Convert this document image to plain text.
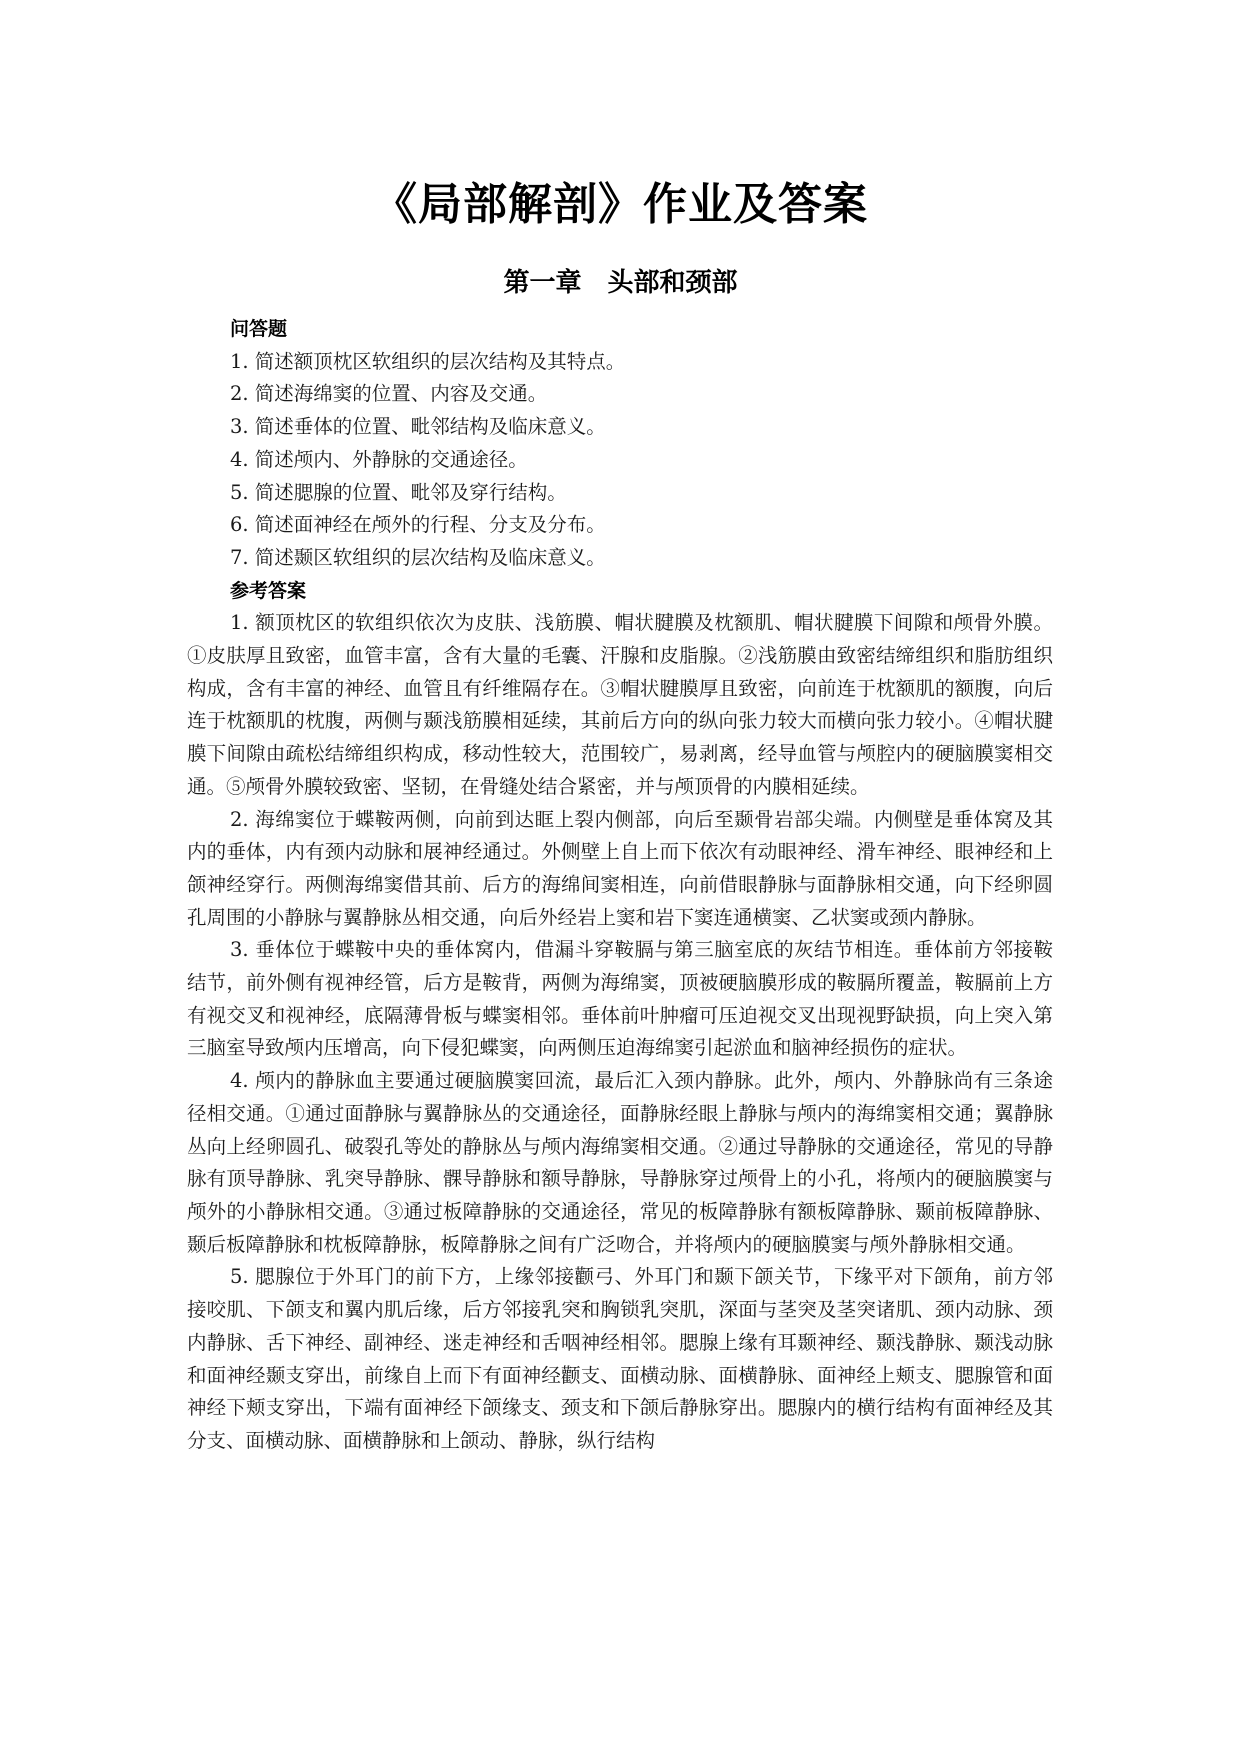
《局部解剖》作业及答案
第一章　头部和颈部

问答题

1. 简述额顶枕区软组织的层次结构及其特点。

2. 简述海绵窦的位置、内容及交通。

3. 简述垂体的位置、毗邻结构及临床意义。

4. 简述颅内、外静脉的交通途径。

5. 简述腮腺的位置、毗邻及穿行结构。

6. 简述面神经在颅外的行程、分支及分布。

7. 简述颞区软组织的层次结构及临床意义。

参考答案

1. 额顶枕区的软组织依次为皮肤、浅筋膜、帽状腱膜及枕额肌、帽状腱膜下间隙和颅骨外膜。①皮肤厚且致密，血管丰富，含有大量的毛囊、汗腺和皮脂腺。②浅筋膜由致密结缔组织和脂肪组织构成，含有丰富的神经、血管且有纤维隔存在。③帽状腱膜厚且致密，向前连于枕额肌的额腹，向后连于枕额肌的枕腹，两侧与颞浅筋膜相延续，其前后方向的纵向张力较大而横向张力较小。④帽状腱膜下间隙由疏松结缔组织构成，移动性较大，范围较广，易剥离，经导血管与颅腔内的硬脑膜窦相交通。⑤颅骨外膜较致密、坚韧，在骨缝处结合紧密，并与颅顶骨的内膜相延续。

2. 海绵窦位于蝶鞍两侧，向前到达眶上裂内侧部，向后至颞骨岩部尖端。内侧壁是垂体窝及其内的垂体，内有颈内动脉和展神经通过。外侧壁上自上而下依次有动眼神经、滑车神经、眼神经和上颌神经穿行。两侧海绵窦借其前、后方的海绵间窦相连，向前借眼静脉与面静脉相交通，向下经卵圆孔周围的小静脉与翼静脉丛相交通，向后外经岩上窦和岩下窦连通横窦、乙状窦或颈内静脉。

3. 垂体位于蝶鞍中央的垂体窝内，借漏斗穿鞍膈与第三脑室底的灰结节相连。垂体前方邻接鞍结节，前外侧有视神经管，后方是鞍背，两侧为海绵窦，顶被硬脑膜形成的鞍膈所覆盖，鞍膈前上方有视交叉和视神经，底隔薄骨板与蝶窦相邻。垂体前叶肿瘤可压迫视交叉出现视野缺损，向上突入第三脑室导致颅内压增高，向下侵犯蝶窦，向两侧压迫海绵窦引起淤血和脑神经损伤的症状。

4. 颅内的静脉血主要通过硬脑膜窦回流，最后汇入颈内静脉。此外，颅内、外静脉尚有三条途径相交通。①通过面静脉与翼静脉丛的交通途径，面静脉经眼上静脉与颅内的海绵窦相交通；翼静脉丛向上经卵圆孔、破裂孔等处的静脉丛与颅内海绵窦相交通。②通过导静脉的交通途径，常见的导静脉有顶导静脉、乳突导静脉、髁导静脉和额导静脉，导静脉穿过颅骨上的小孔，将颅内的硬脑膜窦与颅外的小静脉相交通。③通过板障静脉的交通途径，常见的板障静脉有额板障静脉、颞前板障静脉、颞后板障静脉和枕板障静脉，板障静脉之间有广泛吻合，并将颅内的硬脑膜窦与颅外静脉相交通。

5. 腮腺位于外耳门的前下方，上缘邻接颧弓、外耳门和颞下颌关节，下缘平对下颌角，前方邻接咬肌、下颌支和翼内肌后缘，后方邻接乳突和胸锁乳突肌，深面与茎突及茎突诸肌、颈内动脉、颈内静脉、舌下神经、副神经、迷走神经和舌咽神经相邻。腮腺上缘有耳颞神经、颞浅静脉、颞浅动脉和面神经颞支穿出，前缘自上而下有面神经颧支、面横动脉、面横静脉、面神经上颊支、腮腺管和面神经下颊支穿出，下端有面神经下颌缘支、颈支和下颌后静脉穿出。腮腺内的横行结构有面神经及其分支、面横动脉、面横静脉和上颌动、静脉，纵行结构
